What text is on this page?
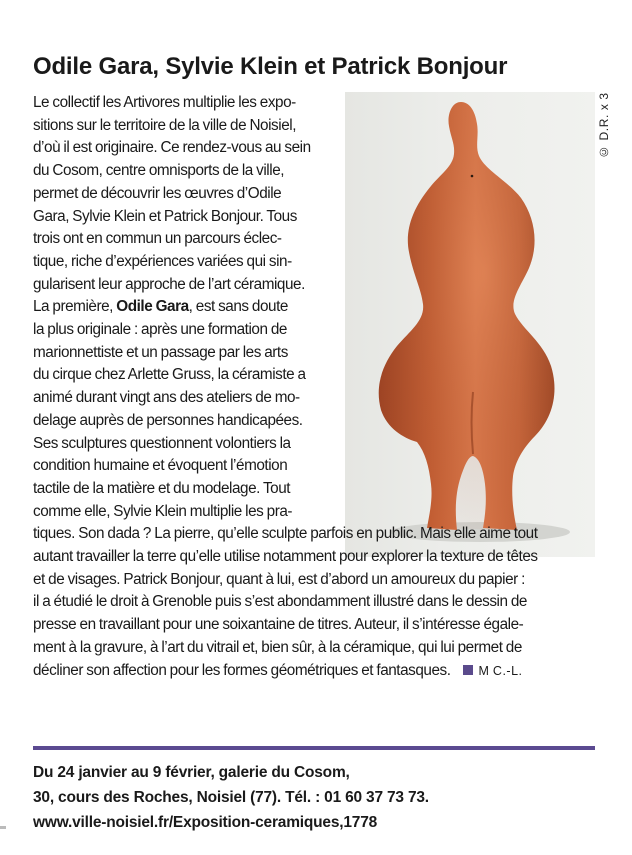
Odile Gara, Sylvie Klein et Patrick Bonjour
© D.R. x 3

Le collectif les Artivores multiplie les expo-

sitions sur le territoire de la ville de Noisiel,

d’où il est originaire. Ce rendez-vous au sein

du Cosom, centre omnisports de la ville,

permet de découvrir les œuvres d’Odile

Gara, Sylvie Klein et Patrick Bonjour. Tous

trois ont en commun un parcours éclec-

tique, riche d’expériences variées qui sin-

gularisent leur approche de l’art céramique.

La première, Odile Gara, est sans doute

la plus originale : après une formation de

marionnettiste et un passage par les arts

du cirque chez Arlette Gruss, la céramiste a

animé durant vingt ans des ateliers de mo-

delage auprès de personnes handicapées.

Ses sculptures questionnent volontiers la

condition humaine et évoquent l’émotion

tactile de la matière et du modelage. Tout

comme elle, Sylvie Klein multiplie les pra-

tiques. Son dada ? La pierre, qu’elle sculpte parfois en public. Mais elle aime tout

autant travailler la terre qu’elle utilise notamment pour explorer la texture de têtes

et de visages. Patrick Bonjour, quant à lui, est d’abord un amoureux du papier :

il a étudié le droit à Grenoble puis s’est abondamment illustré dans le dessin de

presse en travaillant pour une soixantaine de titres. Auteur, il s’intéresse égale-

ment à la gravure, à l’art du vitrail et, bien sûr, à la céramique, qui lui permet de

décliner son affection pour les formes géométriques et fantasques. M C.-L.

Du 24 janvier au 9 février, galerie du Cosom,
30, cours des Roches, Noisiel (77). Tél. : 01 60 37 73 73.
www.ville-noisiel.fr/Exposition-ceramiques,1778
